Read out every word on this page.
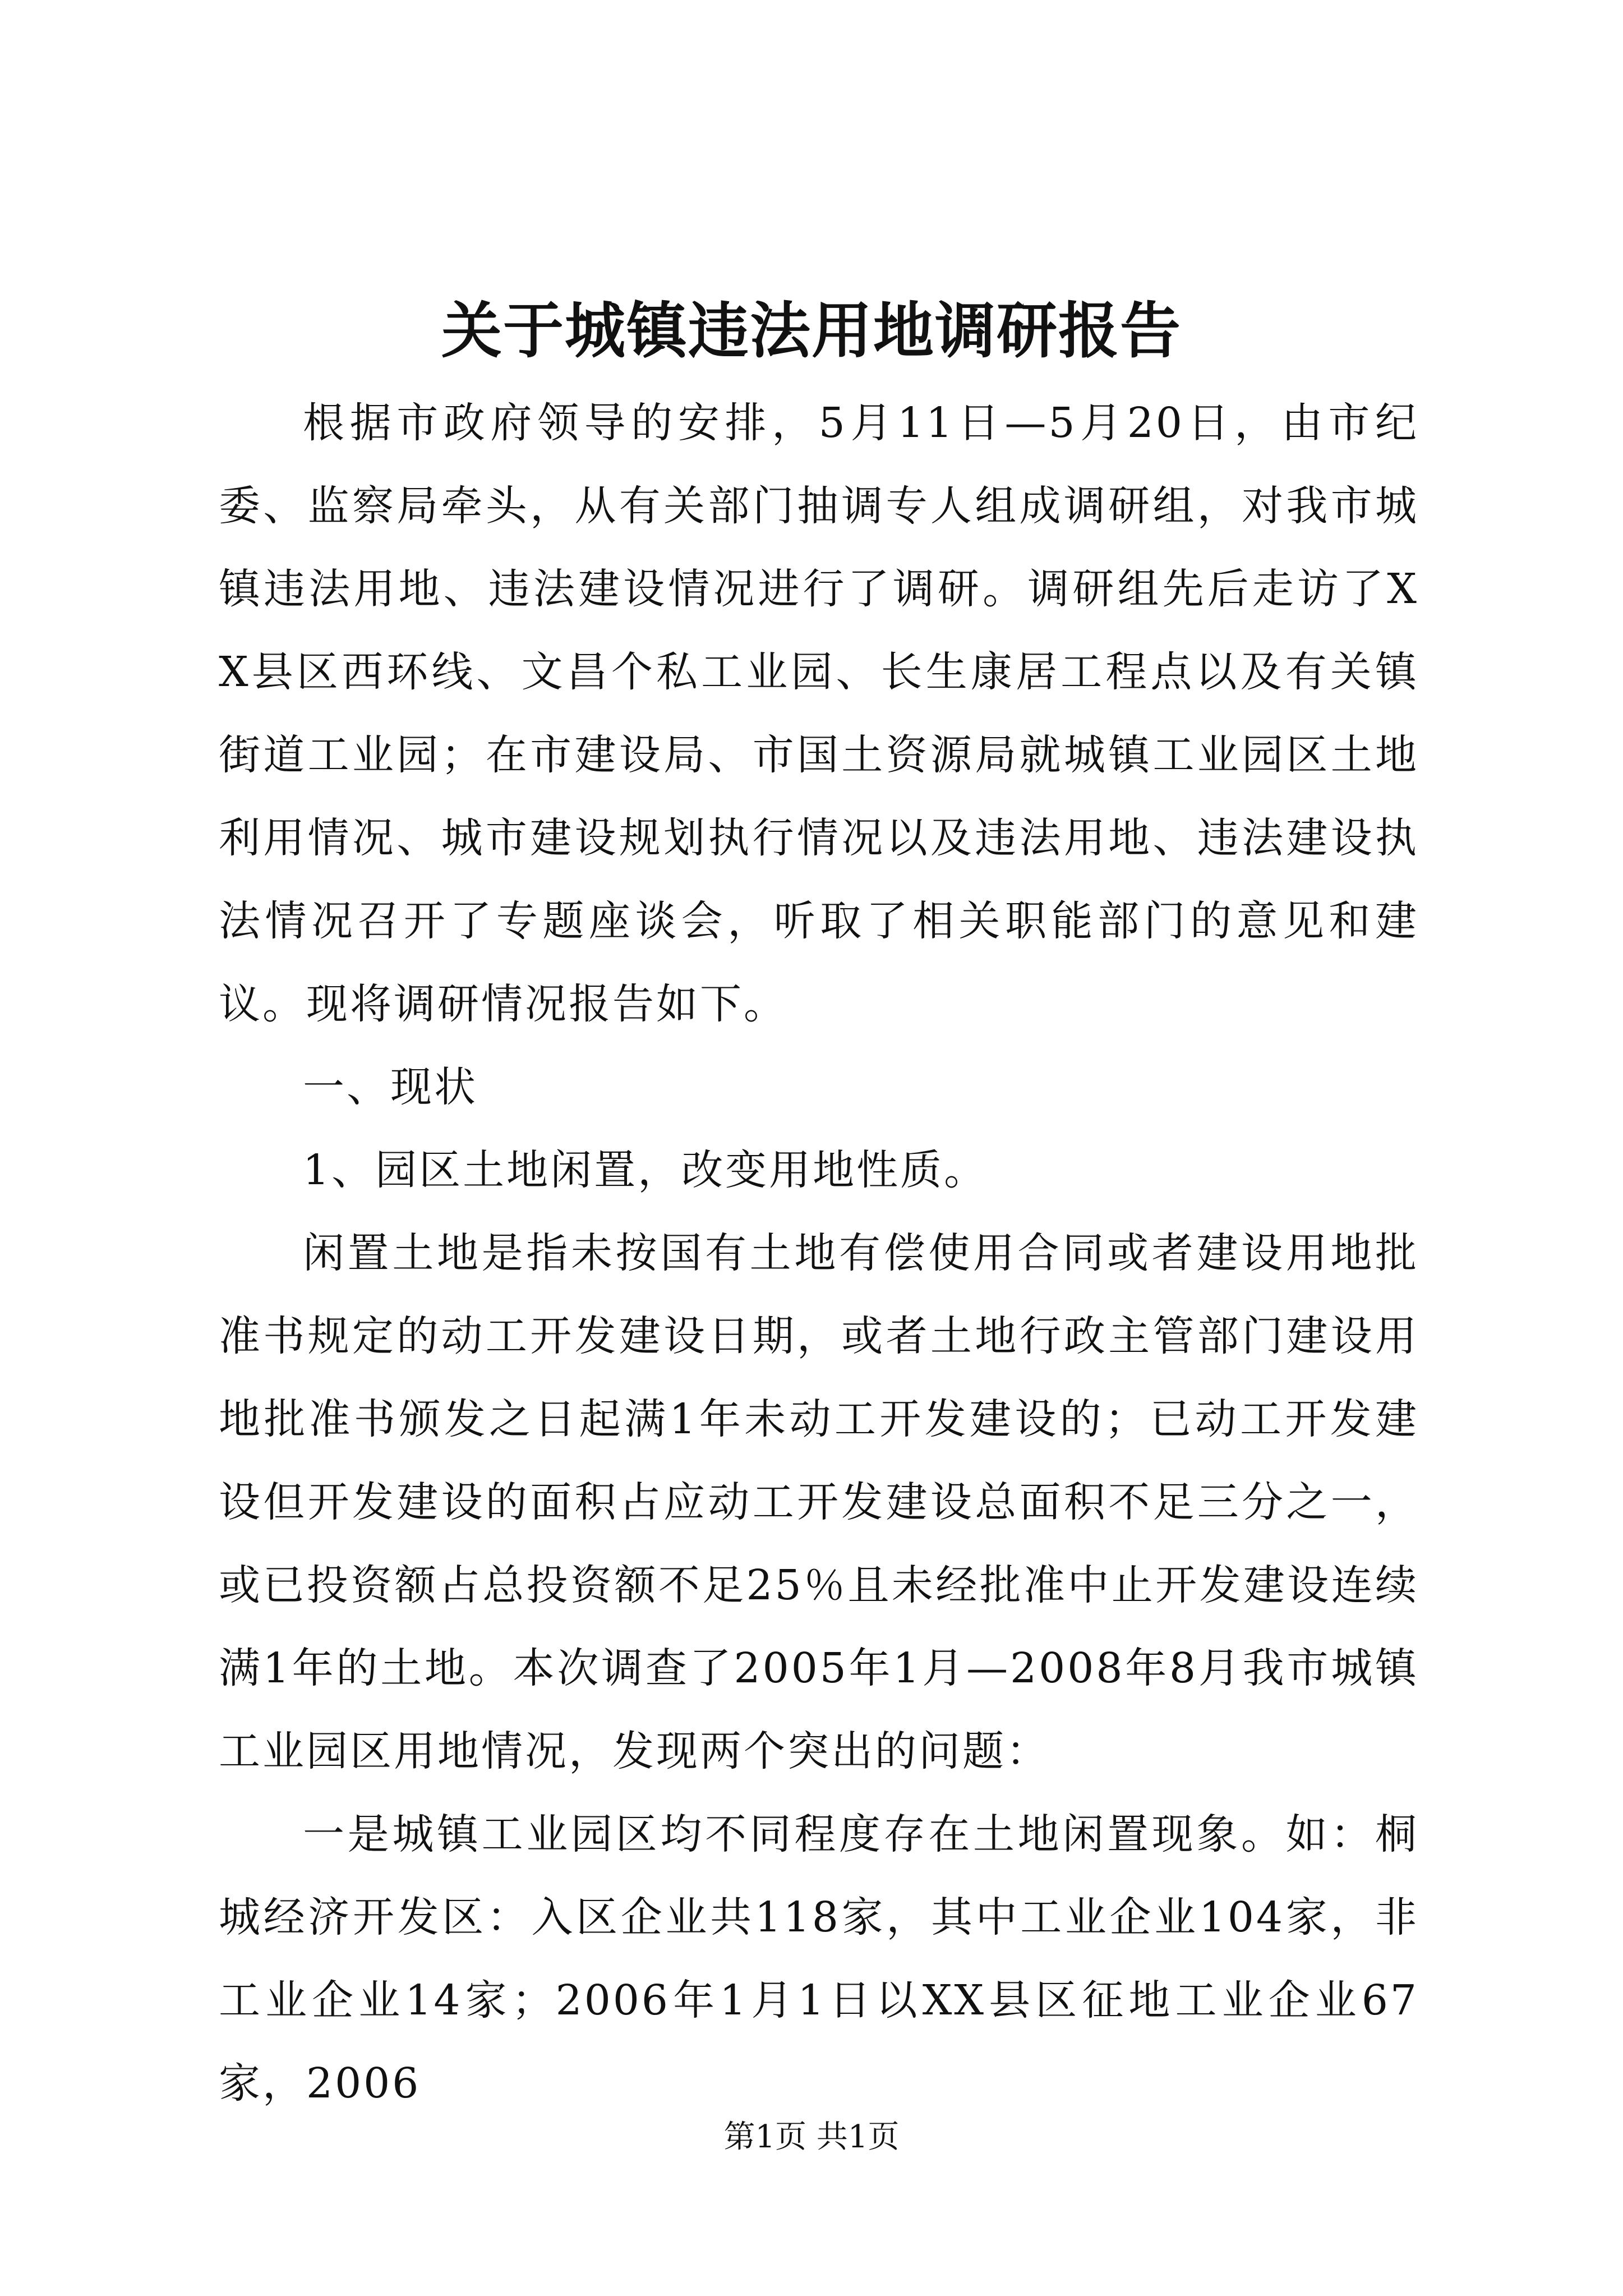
关于城镇违法用地调研报告

根据市政府领导的安排，5月11日—5月20日，由市纪委、监察局牵头，从有关部门抽调专人组成调研组，对我市城镇违法用地、违法建设情况进行了调研。调研组先后走访了XX县区西环线、文昌个私工业园、长生康居工程点以及有关镇街道工业园；在市建设局、市国土资源局就城镇工业园区土地利用情况、城市建设规划执行情况以及违法用地、违法建设执法情况召开了专题座谈会，听取了相关职能部门的意见和建议。现将调研情况报告如下。

一、现状

1、园区土地闲置，改变用地性质。

闲置土地是指未按国有土地有偿使用合同或者建设用地批准书规定的动工开发建设日期，或者土地行政主管部门建设用地批准书颁发之日起满1年未动工开发建设的；已动工开发建设但开发建设的面积占应动工开发建设总面积不足三分之一，或已投资额占总投资额不足25％且未经批准中止开发建设连续满1年的土地。本次调查了2005年1月—2008年8月我市城镇工业园区用地情况，发现两个突出的问题：

一是城镇工业园区均不同程度存在土地闲置现象。如：桐城经济开发区：入区企业共118家，其中工业企业104家，非工业企业14家；2006年1月1日以XX县区征地工业企业67家，2006

第1页 共1页
